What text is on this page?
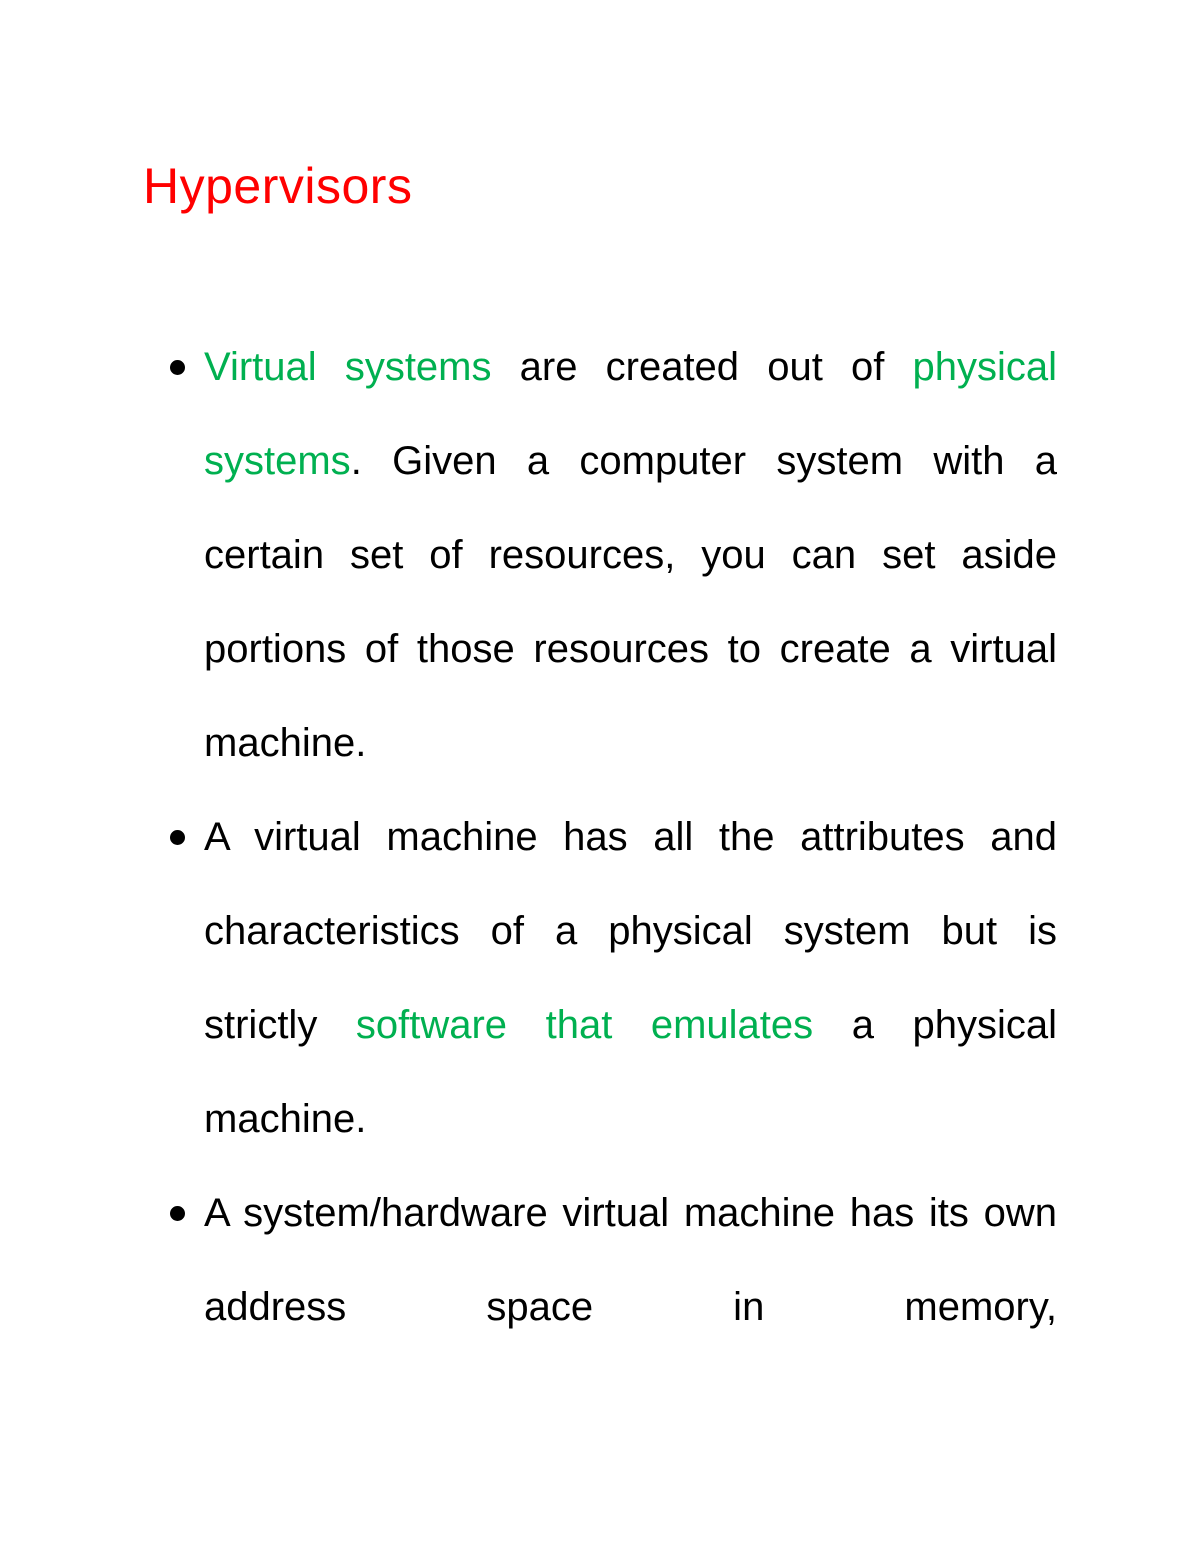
Hypervisors
Virtual systems are created out of physical systems. Given a computer system with a certain set of resources, you can set aside portions of those resources to create a virtual machine.
A virtual machine has all the attributes and characteristics of a physical system but is strictly software that emulates a physical machine.
A system/hardware virtual machine has its own address space in memory,
